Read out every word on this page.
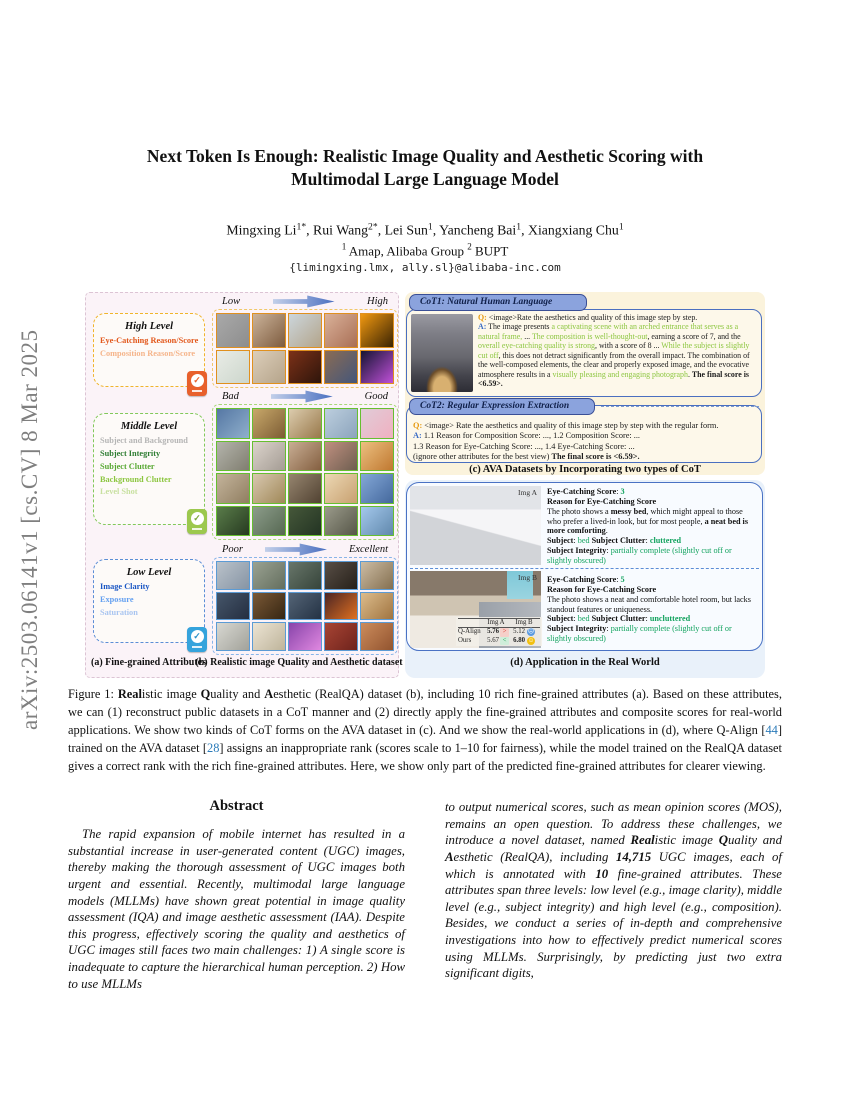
arXiv:2503.06141v1 [cs.CV] 8 Mar 2025
Next Token Is Enough: Realistic Image Quality and Aesthetic Scoring with
Multimodal Large Language Model
Mingxing $Li^{1*}$, Rui Wang$^{2*}$, Lei Sun$^1$, Yancheng Bai$^1$, Xiangxiang Chu$^1$
$^1$ Amap, Alibaba Group $^2$ BUPT
{limingxing.lmx, ally.sl}@alibaba-inc.com
High Level
Eye-Catching Reason/Score
Composition Reason/Score
✓
Middle Level
Subject and Background
Subject Integrity
Subject Clutter
Background Clutter
Level Shot
✓
Low Level
Image Clarity
Exposure
Saturation
✓
(a) Fine-grained Attributes
Low	High
Bad	Good
Poor	Excellent
(b) Realistic image Quality and Aesthetic dataset
CoT1: Natural Human Language
Q: <image>Rate the aesthetics and quality of this image step by step.
A: The image presents a captivating scene with an arched entrance that serves as a natural frame, ... The composition is well-thought-out, earning a score of 7, and the overall eye-catching quality is strong, with a score of 8 ... While the subject is slightly cut off, this does not detract significantly from the overall impact. The combination of the well-composed elements, the clear and properly exposed image, and the evocative atmosphere results in a visually pleasing and engaging photograph. The final score is <6.59>.
CoT2: Regular Expression Extraction
Q: <image> Rate the aesthetics and quality of this image step by step with the regular form.
A: 1.1 Reason for Composition Score: ..., 1.2 Composition Score: ...
1.3 Reason for Eye-Catching Score: ..., 1.4 Eye-Catching Score: ...
(ignore other attributes for the best view) The final score is <6.59>.
(c) AVA Datasets by Incorporating two types of CoT
Img A Eye-Catching Score: 3
Reason for Eye-Catching Score
The photo shows a messy bed, which might appeal to those who prefer a lived-in look, but for most people, a neat bed is more comforting.
Subject: bed Subject Clutter: cluttered
Subject Integrity: partially complete (slightly cut off or slightly obscured)
Img B
Img A Img B
Q-Align 5.76 > 5.12 ☹
Ours	5.67 < 6.80 ☺
Eye-Catching Score: 5
Reason for Eye-Catching Score
The photo shows a neat and comfortable hotel room, but lacks standout features or uniqueness.
Subject: bed Subject Clutter: uncluttered
Subject Integrity: partially complete (slightly cut off or slightly obscured)
(d) Application in the Real World
Figure 1: Realistic image Quality and Aesthetic (RealQA) dataset (b), including 10 rich fine-grained attributes (a). Based on these attributes, we can (1) reconstruct public datasets in a CoT manner and (2) directly apply the fine-grained attributes and composite scores for real-world applications. We show two kinds of CoT forms on the AVA dataset in (c). And we show the real-world applications in (d), where Q-Align [44] trained on the AVA dataset [28] assigns an inappropriate rank (scores scale to 1–10 for fairness), while the model trained on the RealQA dataset gives a correct rank with the rich fine-grained attributes. Here, we show only part of the predicted fine-grained attributes for clearer viewing.
Abstract
The rapid expansion of mobile internet has resulted in a substantial increase in user-generated content (UGC) images, thereby making the thorough assessment of UGC images both urgent and essential. Recently, multimodal large language models (MLLMs) have shown great potential in image quality assessment (IQA) and image aesthetic assessment (IAA). Despite this progress, effectively scoring the quality and aesthetics of UGC images still faces two main challenges: 1) A single score is inadequate to capture the hierarchical human perception. 2) How to use MLLMs
to output numerical scores, such as mean opinion scores (MOS), remains an open question. To address these challenges, we introduce a novel dataset, named Realistic image Quality and Aesthetic (RealQA), including 14,715 UGC images, each of which is annotated with 10 fine-grained attributes. These attributes span three levels: low level (e.g., image clarity), middle level (e.g., subject integrity) and high level (e.g., composition). Besides, we conduct a series of in-depth and comprehensive investigations into how to effectively predict numerical scores using MLLMs. Surprisingly, by predicting just two extra significant digits,
